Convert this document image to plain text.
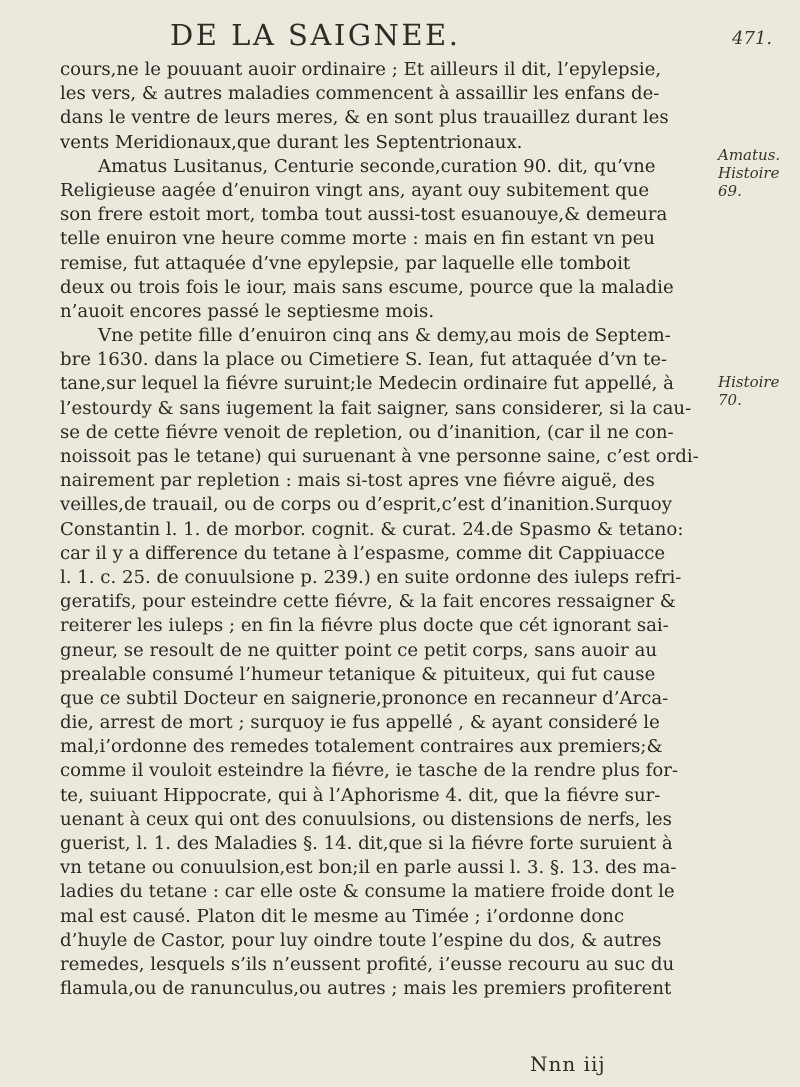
DE LA SAIGNEE.	471.
cours,ne le pouuant auoir ordinaire ; Et ailleurs il dit, l’epylepsie,
les vers, & autres maladies commencent à assaillir les enfans de-
dans le ventre de leurs meres, & en sont plus trauaillez durant les
vents Meridionaux,que durant les Septentrionaux.
Amatus Lusitanus, Centurie seconde,curation 90. dit, qu’vne
Religieuse aagée d’enuiron vingt ans, ayant ouy subitement que
son frere estoit mort, tomba tout aussi-tost esuanouye,& demeura
telle enuiron vne heure comme morte : mais en fin estant vn peu
remise, fut attaquée d’vne epylepsie, par laquelle elle tomboit
deux ou trois fois le iour, mais sans escume, pource que la maladie
n’auoit encores passé le septiesme mois.
Vne petite fille d’enuiron cinq ans & demy,au mois de Septem-
bre 1630. dans la place ou Cimetiere S. Iean, fut attaquée d’vn te-
tane,sur lequel la fiévre suruint;le Medecin ordinaire fut appellé, à
l’estourdy & sans iugement la fait saigner, sans considerer, si la cau-
se de cette fiévre venoit de repletion, ou d’inanition, (car il ne con-
noissoit pas le tetane) qui suruenant à vne personne saine, c’est ordi-
nairement par repletion : mais si-tost apres vne fiévre aiguë, des
veilles,de trauail, ou de corps ou d’esprit,c’est d’inanition.Surquoy
Constantin l. 1. de morbor. cognit. & curat. 24.de Spasmo & tetano:
car il y a difference du tetane à l’espasme, comme dit Cappiuacce
l. 1. c. 25. de conuulsione p. 239.) en suite ordonne des iuleps refri-
geratifs, pour esteindre cette fiévre, & la fait encores ressaigner &
reiterer les iuleps ; en fin la fiévre plus docte que cét ignorant sai-
gneur, se resoult de ne quitter point ce petit corps, sans auoir au
prealable consumé l’humeur tetanique & pituiteux, qui fut cause
que ce subtil Docteur en saignerie,prononce en recanneur d’Arca-
die, arrest de mort ; surquoy ie fus appellé , & ayant consideré le
mal,i’ordonne des remedes totalement contraires aux premiers;&
comme il vouloit esteindre la fiévre, ie tasche de la rendre plus for-
te, suiuant Hippocrate, qui à l’Aphorisme 4. dit, que la fiévre sur-
uenant à ceux qui ont des conuulsions, ou distensions de nerfs, les
guerist, l. 1. des Maladies §. 14. dit,que si la fiévre forte suruient à
vn tetane ou conuulsion,est bon;il en parle aussi l. 3. §. 13. des ma-
ladies du tetane : car elle oste & consume la matiere froide dont le
mal est causé. Platon dit le mesme au Timée ; i’ordonne donc
d’huyle de Castor, pour luy oindre toute l’espine du dos, & autres
remedes, lesquels s’ils n’eussent profité, i’eusse recouru au suc du
flamula,ou de ranunculus,ou autres ; mais les premiers profiterent
Amatus.
Histoire
69.
Histoire
70.
Nnn iij
